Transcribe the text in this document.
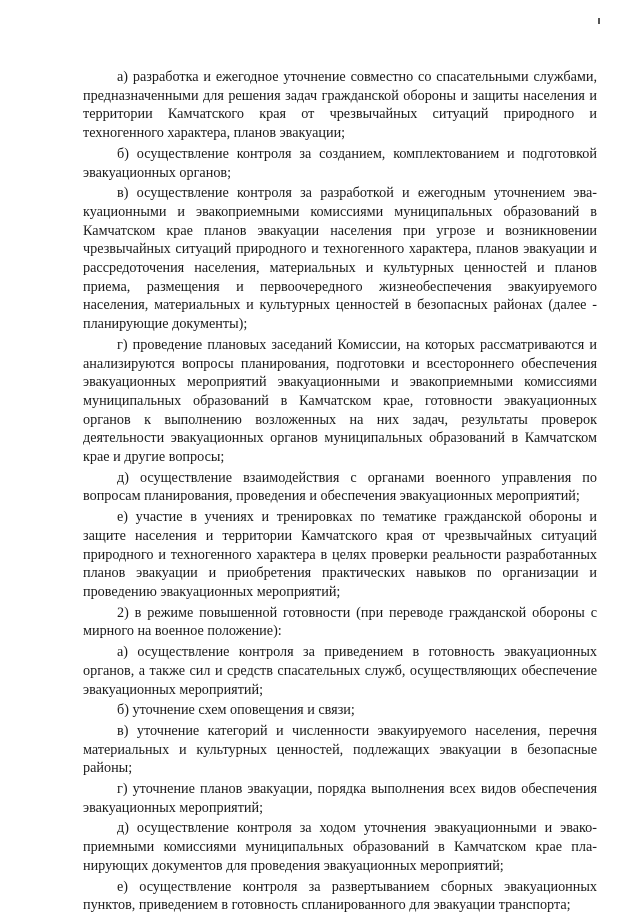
а) разработка и ежегодное уточнение совместно со спасательными службами, предназначенными для решения задач гражданской обороны и защиты населения и территории Камчатского края от чрезвычайных ситуаций природного и техногенного характера, планов эвакуации;

б) осуществление контроля за созданием, комплектованием и подготовкой эвакуационных органов;

в) осуществление контроля за разработкой и ежегодным уточнением эвакуационными и эвакоприемными комиссиями муниципальных образований в Камчатском крае планов эвакуации населения при угрозе и возникновении чрезвычайных ситуаций природного и техногенного характера, планов эвакуации и рассредоточения населения, материальных и культурных ценностей и планов приема, размещения и первоочередного жизнеобеспечения эвакуируемого населения, материальных и культурных ценностей в безопасных районах (далее - планирующие документы);

г) проведение плановых заседаний Комиссии, на которых рассматриваются и анализируются вопросы планирования, подготовки и всестороннего обеспечения эвакуационных мероприятий эвакуационными и эвакоприемными комиссиями муниципальных образований в Камчатском крае, готовности эвакуационных органов к выполнению возложенных на них задач, результаты проверок деятельности эвакуационных органов муниципальных образований в Камчатском крае и другие вопросы;

д) осуществление взаимодействия с органами военного управления по вопросам планирования, проведения и обеспечения эвакуационных мероприятий;

е) участие в учениях и тренировках по тематике гражданской обороны и защите населения и территории Камчатского края от чрезвычайных ситуаций природного и техногенного характера в целях проверки реальности разработанных планов эвакуации и приобретения практических навыков по организации и проведению эвакуационных мероприятий;

2) в режиме повышенной готовности (при переводе гражданской обороны с мирного на военное положение):

а) осуществление контроля за приведением в готовность эвакуационных органов, а также сил и средств спасательных служб, осуществляющих обеспечение эвакуационных мероприятий;

б) уточнение схем оповещения и связи;

в) уточнение категорий и численности эвакуируемого населения, перечня материальных и культурных ценностей, подлежащих эвакуации в безопасные районы;

г) уточнение планов эвакуации, порядка выполнения всех видов обеспечения эвакуационных мероприятий;

д) осуществление контроля за ходом уточнения эвакуационными и эвакоприемными комиссиями муниципальных образований в Камчатском крае планирующих документов для проведения эвакуационных мероприятий;

е) осуществление контроля за развертыванием сборных эвакуационных пунктов, приведением в готовность спланированного для эвакуации транспорта;
